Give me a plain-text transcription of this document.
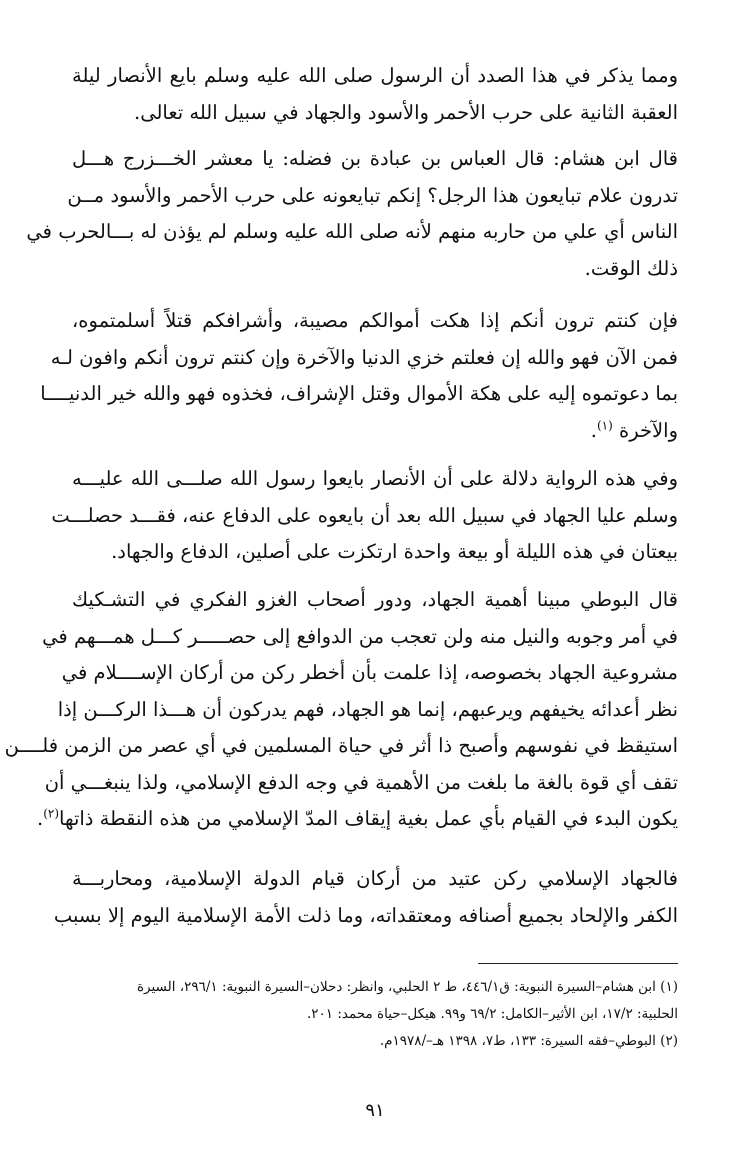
ومما يذكر في هذا الصدد أن الرسول صلى الله عليه وسلم بايع الأنصار ليلة
العقبة الثانية على حرب الأحمر والأسود والجهاد في سبيل الله تعالى.
قال ابن هشام: قال العباس بن عبادة بن فضله: يا معشر الخـــزرج هـــل
تدرون علام تبايعون هذا الرجل؟ إنكم تبايعونه على حرب الأحمر والأسود مــن
الناس أي علي من حاربه منهم لأنه صلى الله عليه وسلم لم يؤذن له بـــالحرب في
ذلك الوقت.
فإن كنتم ترون أنكم إذا هكت أموالكم مصيبة، وأشرافكم قتلاً أسلمتموه،
فمن الآن فهو والله إن فعلتم خزي الدنيا والآخرة وإن كنتم ترون أنكم وافون لـه
بما دعوتموه إليه على هكة الأموال وقتل الإشراف، فخذوه فهو والله خير الدنيــــا
والآخرة $^{(١)}$.
وفي هذه الرواية دلالة على أن الأنصار بايعوا رسول الله صلـــى الله عليـــه
وسلم عليا الجهاد في سبيل الله بعد أن بايعوه على الدفاع عنه، فقـــد حصلـــت
بيعتان في هذه الليلة أو بيعة واحدة ارتكزت على أصلين، الدفاع والجهاد.
قال البوطي مبينا أهمية الجهاد، ودور أصحاب الغزو الفكري في التشـكيك
في أمر وجوبه والنيل منه ولن تعجب من الدوافع إلى حصـــــر كـــل همـــهم في
مشروعية الجهاد بخصوصه، إذا علمت بأن أخطر ركن من أركان الإســــلام في
نظر أعدائه يخيفهم ويرعبهم، إنما هو الجهاد، فهم يدركون أن هـــذا الركـــن إذا
استيقظ في نفوسهم وأصبح ذا أثر في حياة المسلمين في أي عصر من الزمن فلــــن
تقف أي قوة بالغة ما بلغت من الأهمية في وجه الدفع الإسلامي، ولذا ينبغـــي أن
يكون البدء في القيام بأي عمل بغية إيقاف المدّ الإسلامي من هذه النقطة ذاتها$^{(٢)}$.
فالجهاد الإسلامي ركن عتيد من أركان قيام الدولة الإسلامية، ومحاربـــة
الكفر والإلحاد بجميع أصنافه ومعتقداته، وما ذلت الأمة الإسلامية اليوم إلا بسبب
(١) ابن هشام–السيرة النبوية: ق٤٤٦/١، ط ٢ الحلبي، وانظر: دحلان–السيرة النبوية: ٢٩٦/١، السيرة
الحلبية: ١٧/٢، ابن الأثير–الكامل: ٦٩/٢ و٩٩. هيكل–حياة محمد: ٢٠١.
(٢) البوطي–فقه السيرة: ١٣٣، ط٧، ١٣٩٨ هـ–/١٩٧٨م.
٩١
